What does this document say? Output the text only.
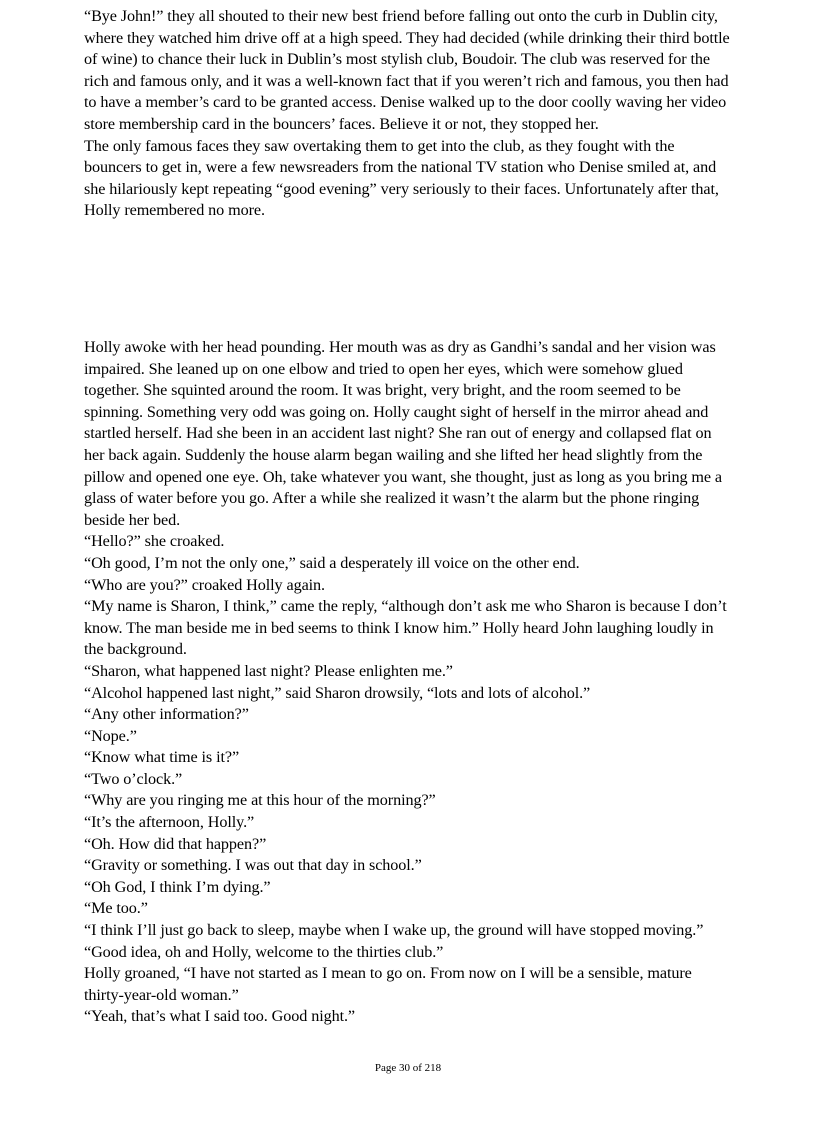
“Bye John!” they all shouted to their new best friend before falling out onto the curb in Dublin city, where they watched him drive off at a high speed. They had decided (while drinking their third bottle of wine) to chance their luck in Dublin’s most stylish club, Boudoir. The club was reserved for the rich and famous only, and it was a well-known fact that if you weren’t rich and famous, you then had to have a member’s card to be granted access. Denise walked up to the door coolly waving her video store membership card in the bouncers’ faces. Believe it or not, they stopped her.

The only famous faces they saw overtaking them to get into the club, as they fought with the bouncers to get in, were a few newsreaders from the national TV station who Denise smiled at, and she hilariously kept repeating “good evening” very seriously to their faces. Unfortunately after that, Holly remembered no more.

Holly awoke with her head pounding. Her mouth was as dry as Gandhi’s sandal and her vision was impaired. She leaned up on one elbow and tried to open her eyes, which were somehow glued together. She squinted around the room. It was bright, very bright, and the room seemed to be spinning. Something very odd was going on. Holly caught sight of herself in the mirror ahead and startled herself. Had she been in an accident last night? She ran out of energy and collapsed flat on her back again. Suddenly the house alarm began wailing and she lifted her head slightly from the pillow and opened one eye. Oh, take whatever you want, she thought, just as long as you bring me a glass of water before you go. After a while she realized it wasn’t the alarm but the phone ringing beside her bed.

“Hello?” she croaked.

“Oh good, I’m not the only one,” said a desperately ill voice on the other end.

“Who are you?” croaked Holly again.

“My name is Sharon, I think,” came the reply, “although don’t ask me who Sharon is because I don’t know. The man beside me in bed seems to think I know him.” Holly heard John laughing loudly in the background.

“Sharon, what happened last night? Please enlighten me.”

“Alcohol happened last night,” said Sharon drowsily, “lots and lots of alcohol.”

“Any other information?”

“Nope.”

“Know what time is it?”

“Two o’clock.”

“Why are you ringing me at this hour of the morning?”

“It’s the afternoon, Holly.”

“Oh. How did that happen?”

“Gravity or something. I was out that day in school.”

“Oh God, I think I’m dying.”

“Me too.”

“I think I’ll just go back to sleep, maybe when I wake up, the ground will have stopped moving.”

“Good idea, oh and Holly, welcome to the thirties club.”

Holly groaned, “I have not started as I mean to go on. From now on I will be a sensible, mature thirty-year-old woman.”

“Yeah, that’s what I said too. Good night.”

Page 30 of 218
